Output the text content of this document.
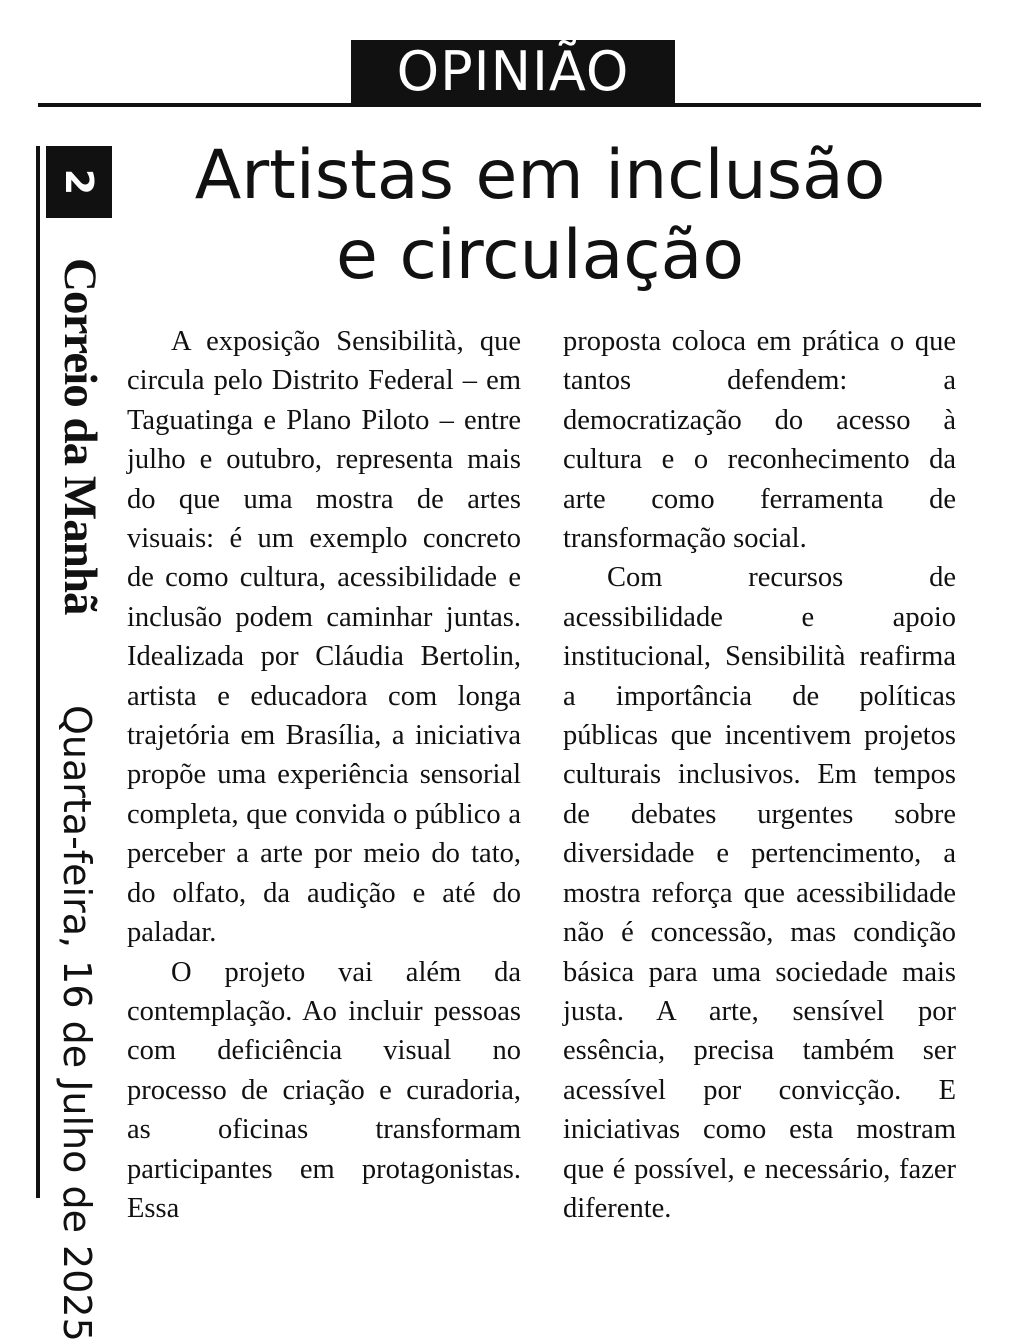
OPINIÃO
2
Correio da Manhã
Quarta-feira, 16 de Julho de 2025
Artistas em inclusão
e circulação

A exposição Sensibilità, que circula pelo Distrito Federal – em Taguatinga e Plano Piloto – entre julho e outubro, representa mais do que uma mostra de artes visuais: é um exemplo concreto de como cultura, acessibilidade e inclusão podem caminhar juntas. Idealizada por Cláudia Bertolin, artista e educadora com longa trajetória em Brasília, a iniciativa propõe uma experiência sensorial completa, que convida o público a perceber a arte por meio do tato, do olfato, da audição e até do paladar.

O projeto vai além da contemplação. Ao incluir pessoas com deficiência visual no processo de criação e curadoria, as oficinas transformam participantes em protagonistas. Essa

proposta coloca em prática o que tantos defendem: a democratização do acesso à cultura e o reconhecimento da arte como ferramenta de transformação social.

Com recursos de acessibilidade e apoio institucional, Sensibilità reafirma a importância de políticas públicas que incentivem projetos culturais inclusivos. Em tempos de debates urgentes sobre diversidade e pertencimento, a mostra reforça que acessibilidade não é concessão, mas condição básica para uma sociedade mais justa. A arte, sensível por essência, precisa também ser acessível por convicção. E iniciativas como esta mostram que é possível, e necessário, fazer diferente.
